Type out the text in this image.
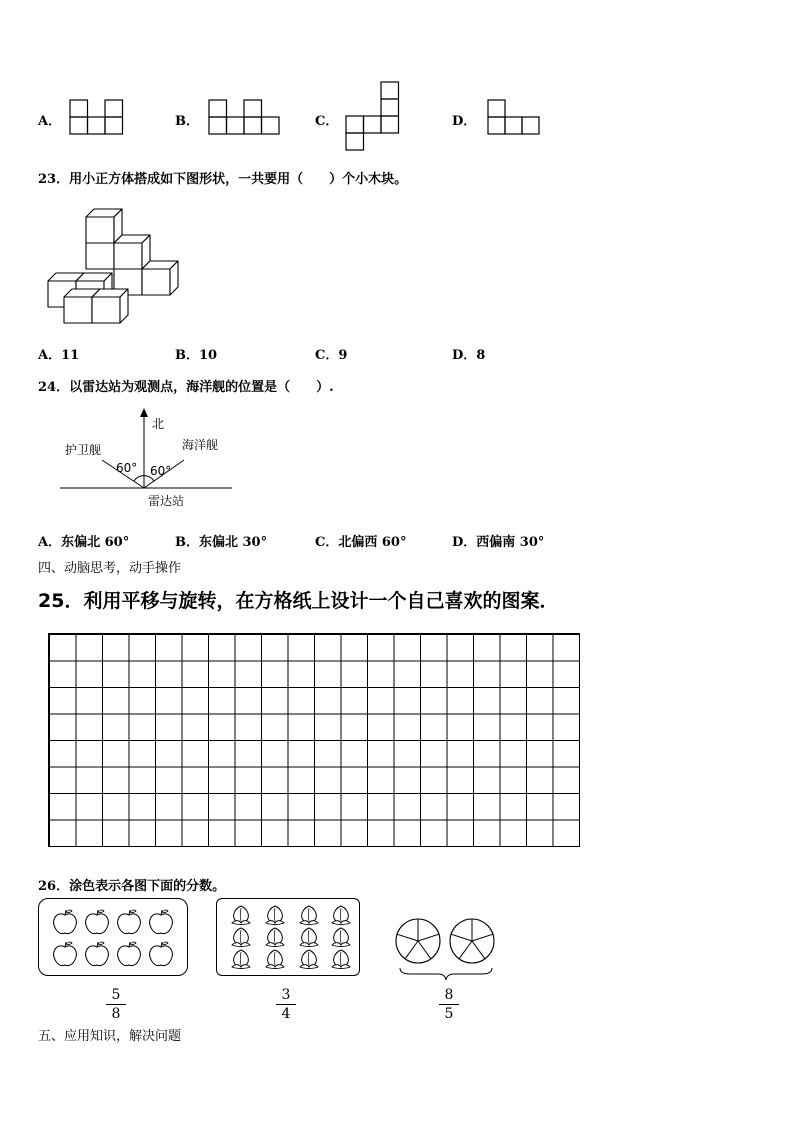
A．	B．	C．	D．
23．用小正方体搭成如下图形状，一共要用（　　）个小木块。
A．11	B．10	C．9	D．8
24．以雷达站为观测点，海洋舰的位置是（　　）.
北
护卫舰	海洋舰
60° 60°
雷达站
A．东偏北 60°	B．东偏北 30°	C．北偏西 60°	D．西偏南 30°
四、动脑思考，动手操作
25．利用平移与旋转，在方格纸上设计一个自己喜欢的图案．
26．涂色表示各图下面的分数。
5
8
3
4
8
5
五、应用知识，解决问题
